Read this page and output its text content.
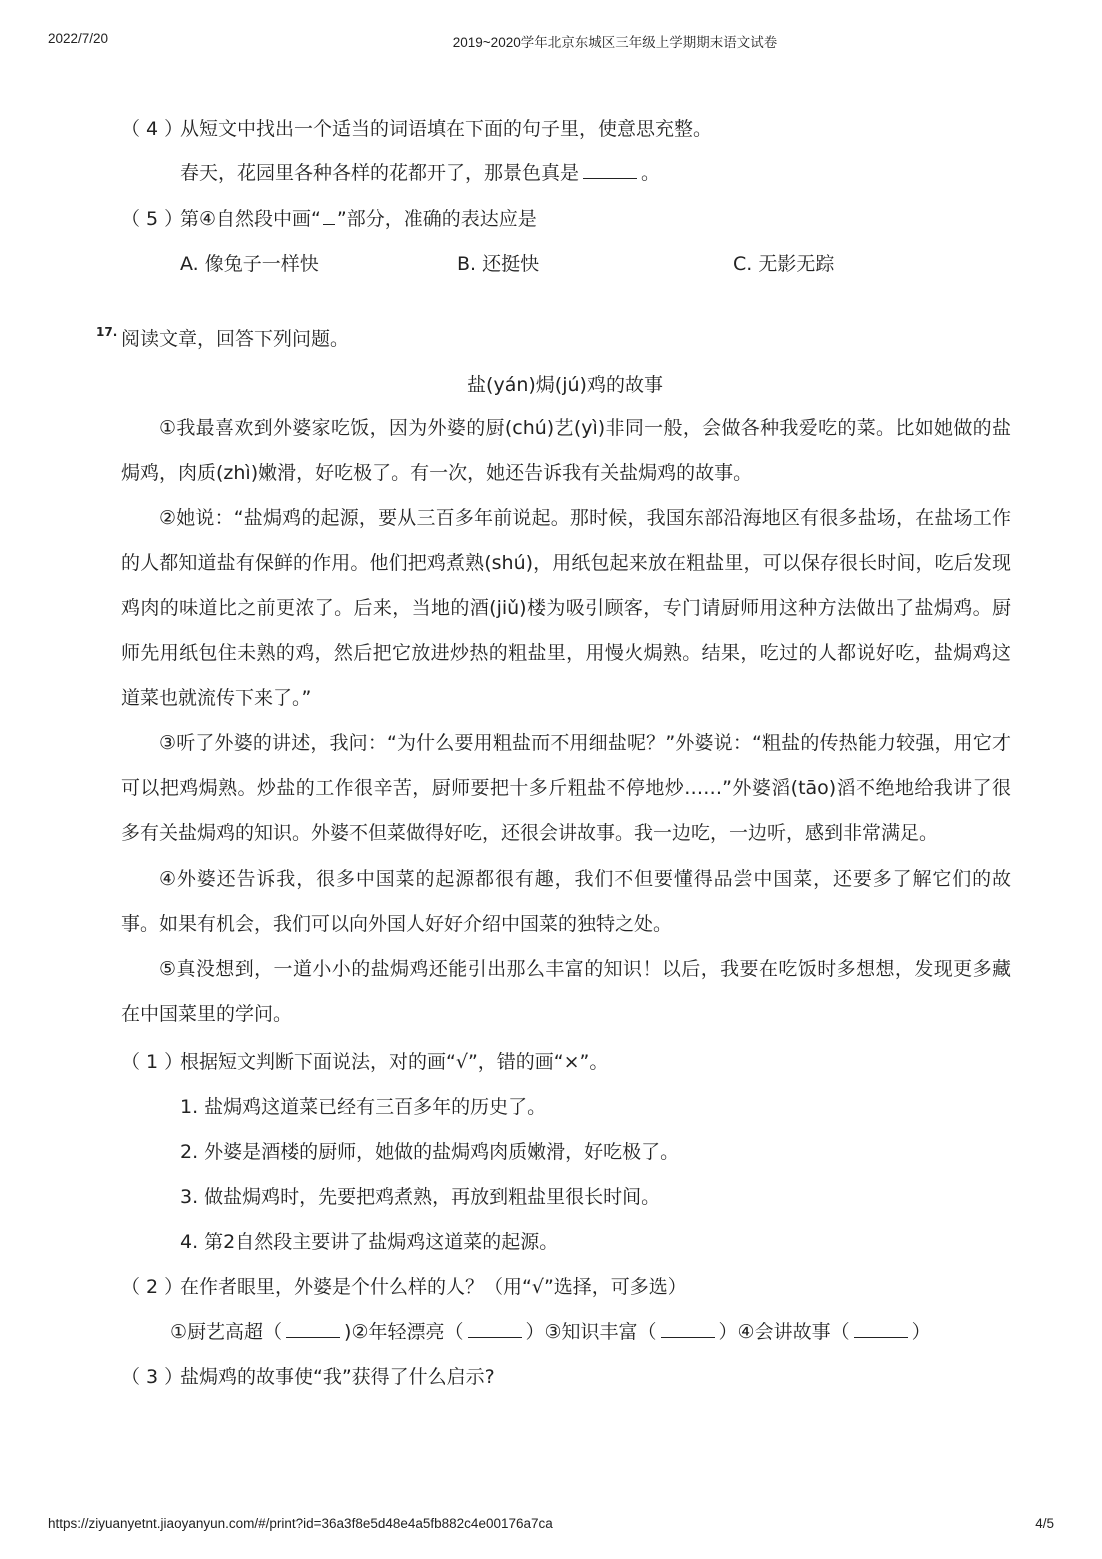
2022/7/20	2019~2020学年北京东城区三年级上学期期末语文试卷
（ 4 ）
从短文中找出一个适当的词语填在下面的句子里，使意思充整。
春天，花园里各种各样的花都开了，那景色真是	。
（ 5 ）
第④自然段中画“ ”部分，准确的表达应是
A. 像兔子一样快	B. 还挺快	C. 无影无踪
17. 阅读文章，回答下列问题。
盐(yán)焗(jú)鸡的故事
①我最喜欢到外婆家吃饭，因为外婆的厨(chú)艺(yì)非同一般，会做各种我爱吃的菜。比如她做的盐焗鸡，肉质(zhì)嫩滑，好吃极了。有一次，她还告诉我有关盐焗鸡的故事。
②她说：“盐焗鸡的起源，要从三百多年前说起。那时候，我国东部沿海地区有很多盐场，在盐场工作的人都知道盐有保鲜的作用。他们把鸡煮熟(shú)，用纸包起来放在粗盐里，可以保存很长时间，吃后发现鸡肉的味道比之前更浓了。后来，当地的酒(jiǔ)楼为吸引顾客，专门请厨师用这种方法做出了盐焗鸡。厨师先用纸包住未熟的鸡，然后把它放进炒热的粗盐里，用慢火焗熟。结果，吃过的人都说好吃，盐焗鸡这道菜也就流传下来了。”
③听了外婆的讲述，我问：“为什么要用粗盐而不用细盐呢？”外婆说：“粗盐的传热能力较强，用它才可以把鸡焗熟。炒盐的工作很辛苦，厨师要把十多斤粗盐不停地炒……”外婆滔(tāo)滔不绝地给我讲了很多有关盐焗鸡的知识。外婆不但菜做得好吃，还很会讲故事。我一边吃，一边听，感到非常满足。
④外婆还告诉我，很多中国菜的起源都很有趣，我们不但要懂得品尝中国菜，还要多了解它们的故事。如果有机会，我们可以向外国人好好介绍中国菜的独特之处。
⑤真没想到，一道小小的盐焗鸡还能引出那么丰富的知识！以后，我要在吃饭时多想想，发现更多藏在中国菜里的学问。
（ 1 ）
根据短文判断下面说法，对的画“√”，错的画“×”。
1. 盐焗鸡这道菜已经有三百多年的历史了。
2. 外婆是酒楼的厨师，她做的盐焗鸡肉质嫩滑，好吃极了。
3. 做盐焗鸡时，先要把鸡煮熟，再放到粗盐里很长时间。
4. 第2自然段主要讲了盐焗鸡这道菜的起源。
（ 2 ）
在作者眼里，外婆是个什么样的人？（用“√”选择，可多选）
①厨艺高超（	)②年轻漂亮（	）③知识丰富（	）④会讲故事（	）
（ 3 ）
盐焗鸡的故事使“我”获得了什么启示?
https://ziyuanyetnt.jiaoyanyun.com/#/print?id=36a3f8e5d48e4a5fb882c4e00176a7ca	4/5
